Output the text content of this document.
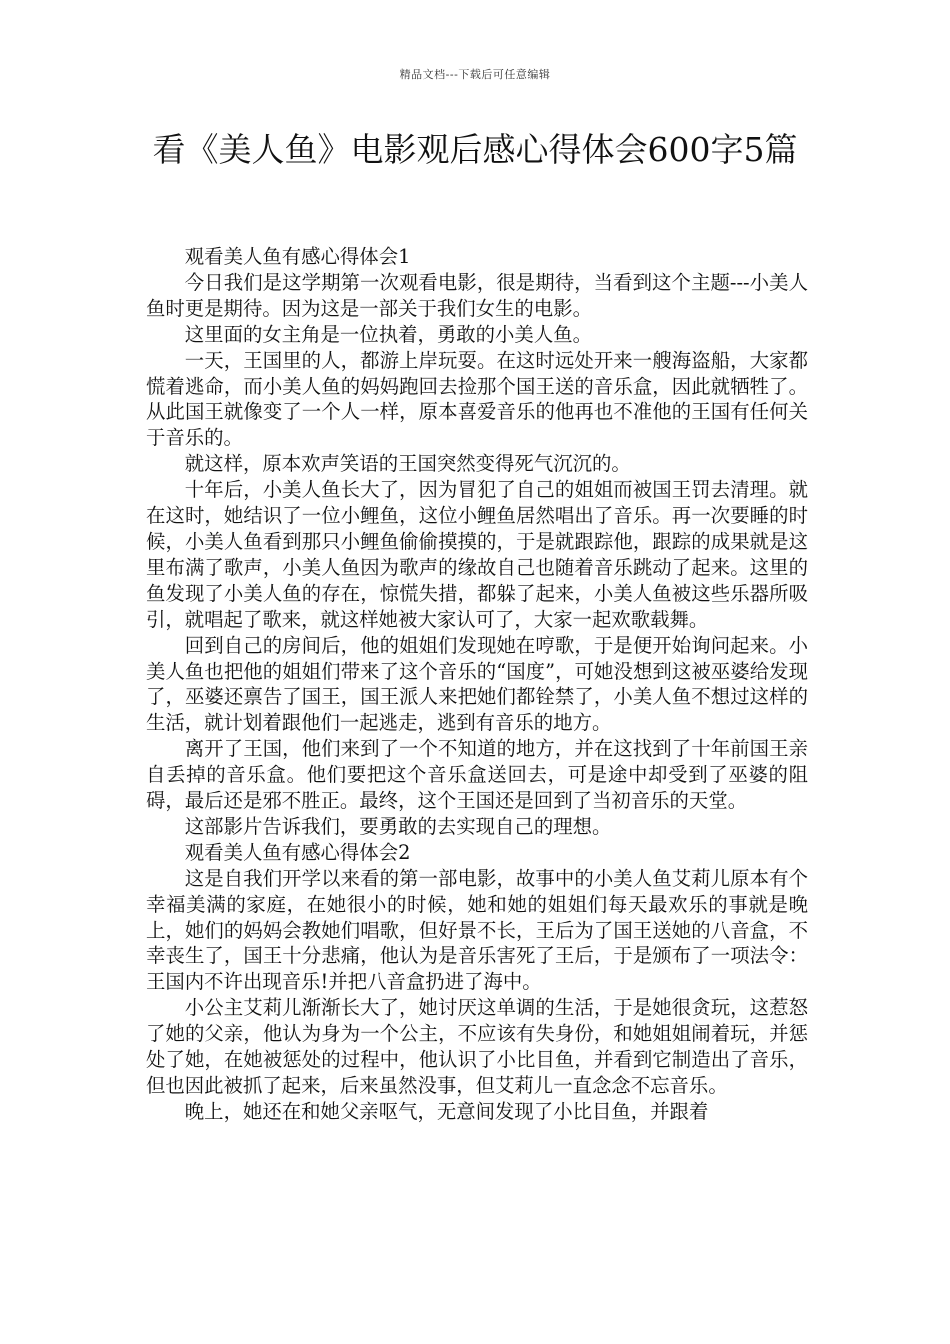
精品文档---下载后可任意编辑
看《美人鱼》电影观后感心得体会600字5篇

观看美人鱼有感心得体会1

今日我们是这学期第一次观看电影，很是期待，当看到这个主题---小美人鱼时更是期待。因为这是一部关于我们女生的电影。

这里面的女主角是一位执着，勇敢的小美人鱼。

一天，王国里的人，都游上岸玩耍。在这时远处开来一艘海盗船，大家都慌着逃命，而小美人鱼的妈妈跑回去捡那个国王送的音乐盒，因此就牺牲了。从此国王就像变了一个人一样，原本喜爱音乐的他再也不准他的王国有任何关于音乐的。

就这样，原本欢声笑语的王国突然变得死气沉沉的。

十年后，小美人鱼长大了，因为冒犯了自己的姐姐而被国王罚去清理。就在这时，她结识了一位小鲤鱼，这位小鲤鱼居然唱出了音乐。再一次要睡的时候，小美人鱼看到那只小鲤鱼偷偷摸摸的，于是就跟踪他，跟踪的成果就是这里布满了歌声，小美人鱼因为歌声的缘故自己也随着音乐跳动了起来。这里的鱼发现了小美人鱼的存在，惊慌失措，都躲了起来，小美人鱼被这些乐器所吸引，就唱起了歌来，就这样她被大家认可了，大家一起欢歌载舞。

回到自己的房间后，他的姐姐们发现她在哼歌，于是便开始询问起来。小美人鱼也把他的姐姐们带来了这个音乐的“国度”，可她没想到这被巫婆给发现了，巫婆还禀告了国王，国王派人来把她们都铨禁了，小美人鱼不想过这样的生活，就计划着跟他们一起逃走，逃到有音乐的地方。

离开了王国，他们来到了一个不知道的地方，并在这找到了十年前国王亲自丢掉的音乐盒。他们要把这个音乐盒送回去，可是途中却受到了巫婆的阻碍，最后还是邪不胜正。最终，这个王国还是回到了当初音乐的天堂。

这部影片告诉我们，要勇敢的去实现自己的理想。

观看美人鱼有感心得体会2

这是自我们开学以来看的第一部电影，故事中的小美人鱼艾莉儿原本有个幸福美满的家庭，在她很小的时候，她和她的姐姐们每天最欢乐的事就是晚上，她们的妈妈会教她们唱歌，但好景不长，王后为了国王送她的八音盒，不幸丧生了，国王十分悲痛，他认为是音乐害死了王后，于是颁布了一项法令：王国内不许出现音乐!并把八音盒扔进了海中。

小公主艾莉儿渐渐长大了，她讨厌这单调的生活，于是她很贪玩，这惹怒了她的父亲，他认为身为一个公主，不应该有失身份，和她姐姐闹着玩，并惩处了她，在她被惩处的过程中，他认识了小比目鱼，并看到它制造出了音乐，但也因此被抓了起来，后来虽然没事，但艾莉儿一直念念不忘音乐。

晚上，她还在和她父亲呕气，无意间发现了小比目鱼，并跟着
